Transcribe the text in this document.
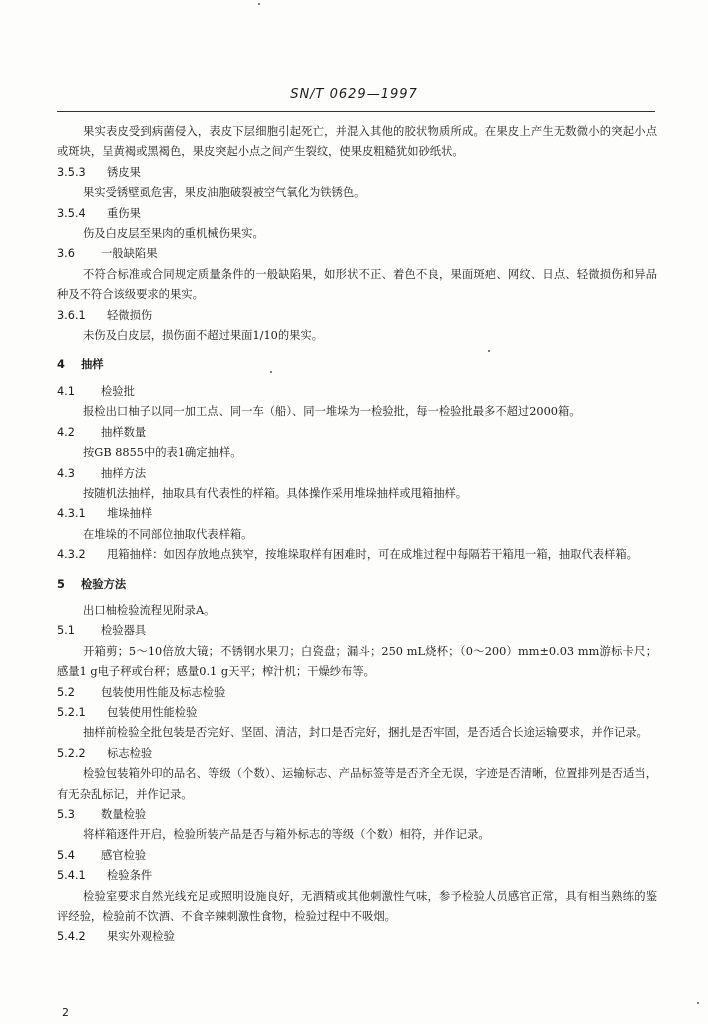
SN/T 0629—1997

果实表皮受到病菌侵入，表皮下层细胞引起死亡，并混入其他的胶状物质所成。在果皮上产生无数微小的突起小点或斑块，呈黄褐或黑褐色，果皮突起小点之间产生裂纹，使果皮粗糙犹如砂纸状。

3.5.3 锈皮果

果实受锈壁虱危害，果皮油胞破裂被空气氧化为铁锈色。

3.5.4 重伤果

伤及白皮层至果肉的重机械伤果实。

3.6 一般缺陷果

不符合标准或合同规定质量条件的一般缺陷果，如形状不正、着色不良，果面斑疤、网纹、日点、轻微损伤和异品种及不符合该级要求的果实。

3.6.1 轻微损伤

未伤及白皮层，损伤面不超过果面1/10的果实。

4 抽样
4.1 检验批

报检出口柚子以同一加工点、同一车（船）、同一堆垛为一检验批，每一检验批最多不超过2000箱。

4.2 抽样数量

按GB 8855中的表1确定抽样。

4.3 抽样方法

按随机法抽样，抽取具有代表性的样箱。具体操作采用堆垛抽样或甩箱抽样。

4.3.1 堆垛抽样

在堆垛的不同部位抽取代表样箱。

4.3.2 甩箱抽样：如因存放地点狭窄，按堆垛取样有困难时，可在成堆过程中每隔若干箱甩一箱，抽取代表样箱。
5 检验方法

出口柚检验流程见附录A。

5.1 检验器具

开箱剪；5～10倍放大镜；不锈钢水果刀；白瓷盘；漏斗；250 mL烧杯；（0～200）mm±0.03 mm游标卡尺；感量1 g电子秤或台秤；感量0.1 g天平；榨汁机；干燥纱布等。

5.2 包装使用性能及标志检验
5.2.1 包装使用性能检验

抽样前检验全批包装是否完好、坚固、清洁，封口是否完好，捆扎是否牢固，是否适合长途运输要求，并作记录。

5.2.2 标志检验

检验包装箱外印的品名、等级（个数）、运输标志、产品标签等是否齐全无误，字迹是否清晰，位置排列是否适当，有无杂乱标记，并作记录。

5.3 数量检验

将样箱逐件开启，检验所装产品是否与箱外标志的等级（个数）相符，并作记录。

5.4 感官检验
5.4.1 检验条件

检验室要求自然光线充足或照明设施良好，无酒精或其他刺激性气味，参予检验人员感官正常，具有相当熟练的鉴评经验，检验前不饮酒、不食辛辣刺激性食物，检验过程中不吸烟。

5.4.2 果实外观检验
2
